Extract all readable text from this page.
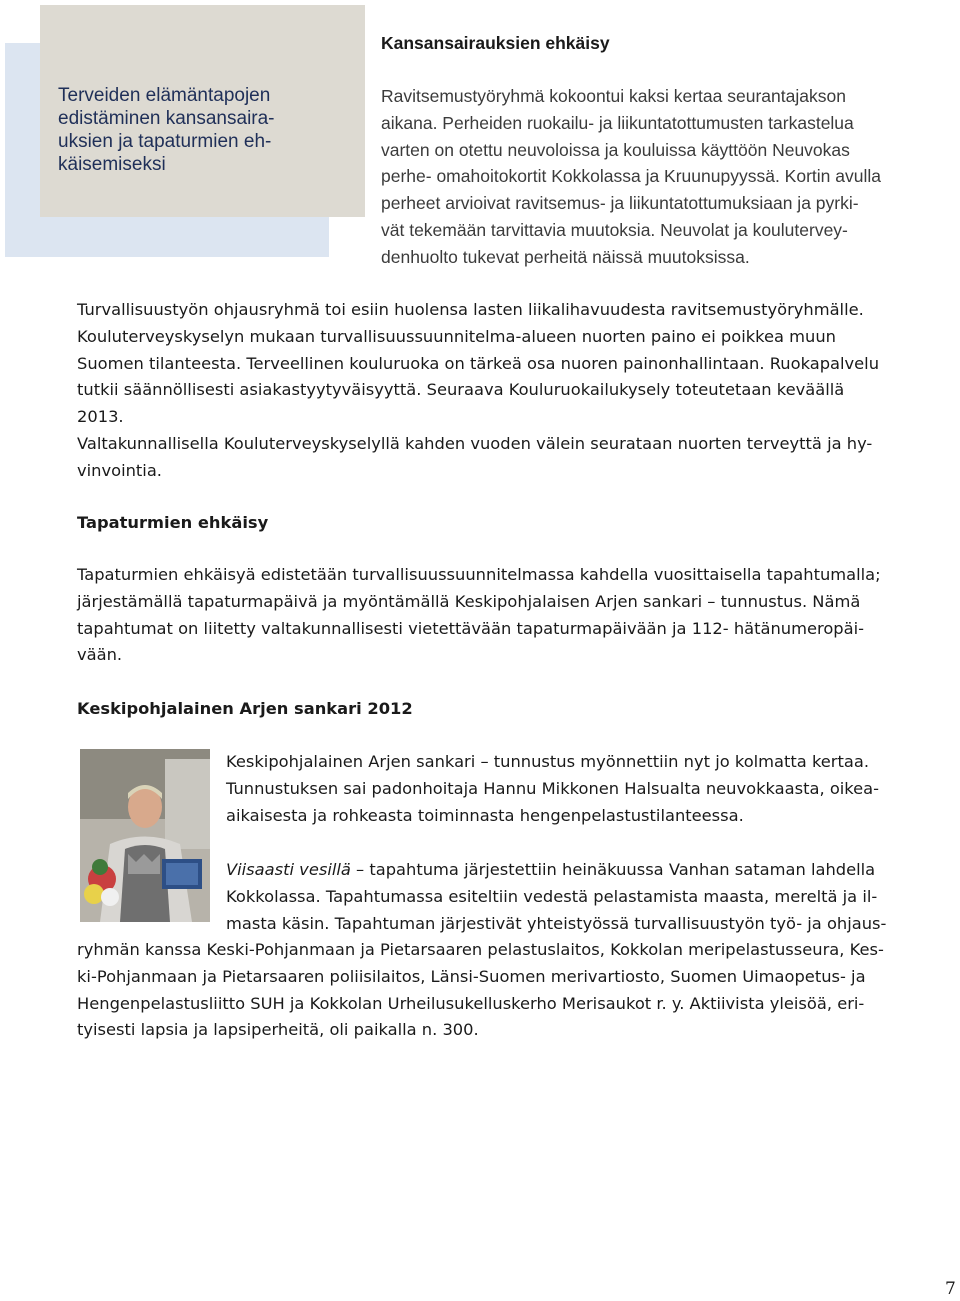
Terveiden elämäntapojen
edistäminen kansansaira-
uksien ja tapaturmien eh-
käisemiseksi

Kansansairauksien ehkäisy

Ravitsemustyöryhmä kokoontui kaksi kertaa seurantajakson
aikana. Perheiden ruokailu- ja liikuntatottumusten tarkastelua
varten on otettu neuvoloissa ja kouluissa käyttöön Neuvokas
perhe- omahoitokortit Kokkolassa ja Kruunupyyssä. Kortin avulla
perheet arvioivat ravitsemus- ja liikuntatottumuksiaan ja pyrki-
vät tekemään tarvittavia muutoksia. Neuvolat ja koulutervey-
denhuolto tukevat perheitä näissä muutoksissa.

Turvallisuustyön ohjausryhmä toi esiin huolensa lasten liikalihavuudesta ravitsemustyöryhmälle.
Kouluterveyskyselyn mukaan turvallisuussuunnitelma-alueen nuorten paino ei poikkea muun
Suomen tilanteesta. Terveellinen kouluruoka on tärkeä osa nuoren painonhallintaan. Ruokapalvelu
tutkii säännöllisesti asiakastyytyväisyyttä. Seuraava Kouluruokailukysely toteutetaan keväällä
2013.

Valtakunnallisella Kouluterveyskyselyllä kahden vuoden välein seurataan nuorten terveyttä ja hy-
vinvointia.

Tapaturmien ehkäisy

Tapaturmien ehkäisyä edistetään turvallisuussuunnitelmassa kahdella vuosittaisella tapahtumalla;
järjestämällä tapaturmapäivä ja myöntämällä Keskipohjalaisen Arjen sankari – tunnustus. Nämä
tapahtumat on liitetty valtakunnallisesti vietettävään tapaturmapäivään ja 112- hätänumeropäi-
vään.

Keskipohjalainen Arjen sankari 2012

Keskipohjalainen Arjen sankari – tunnustus myönnettiin nyt jo kolmatta kertaa.
Tunnustuksen sai padonhoitaja Hannu Mikkonen Halsualta neuvokkaasta, oikea-
aikaisesta ja rohkeasta toiminnasta hengenpelastustilanteessa.

Viisaasti vesillä – tapahtuma järjestettiin heinäkuussa Vanhan sataman lahdella
Kokkolassa. Tapahtumassa esiteltiin vedestä pelastamista maasta, mereltä ja il-
masta käsin. Tapahtuman järjestivät yhteistyössä turvallisuustyön työ- ja ohjaus-

ryhmän kanssa Keski-Pohjanmaan ja Pietarsaaren pelastuslaitos, Kokkolan meripelastusseura, Kes-
ki-Pohjanmaan ja Pietarsaaren poliisilaitos, Länsi-Suomen merivartiosto, Suomen Uimaopetus- ja
Hengenpelastusliitto SUH ja Kokkolan Urheilusukelluskerho Merisaukot r. y. Aktiivista yleisöä, eri-
tyisesti lapsia ja lapsiperheitä, oli paikalla n. 300.

7
